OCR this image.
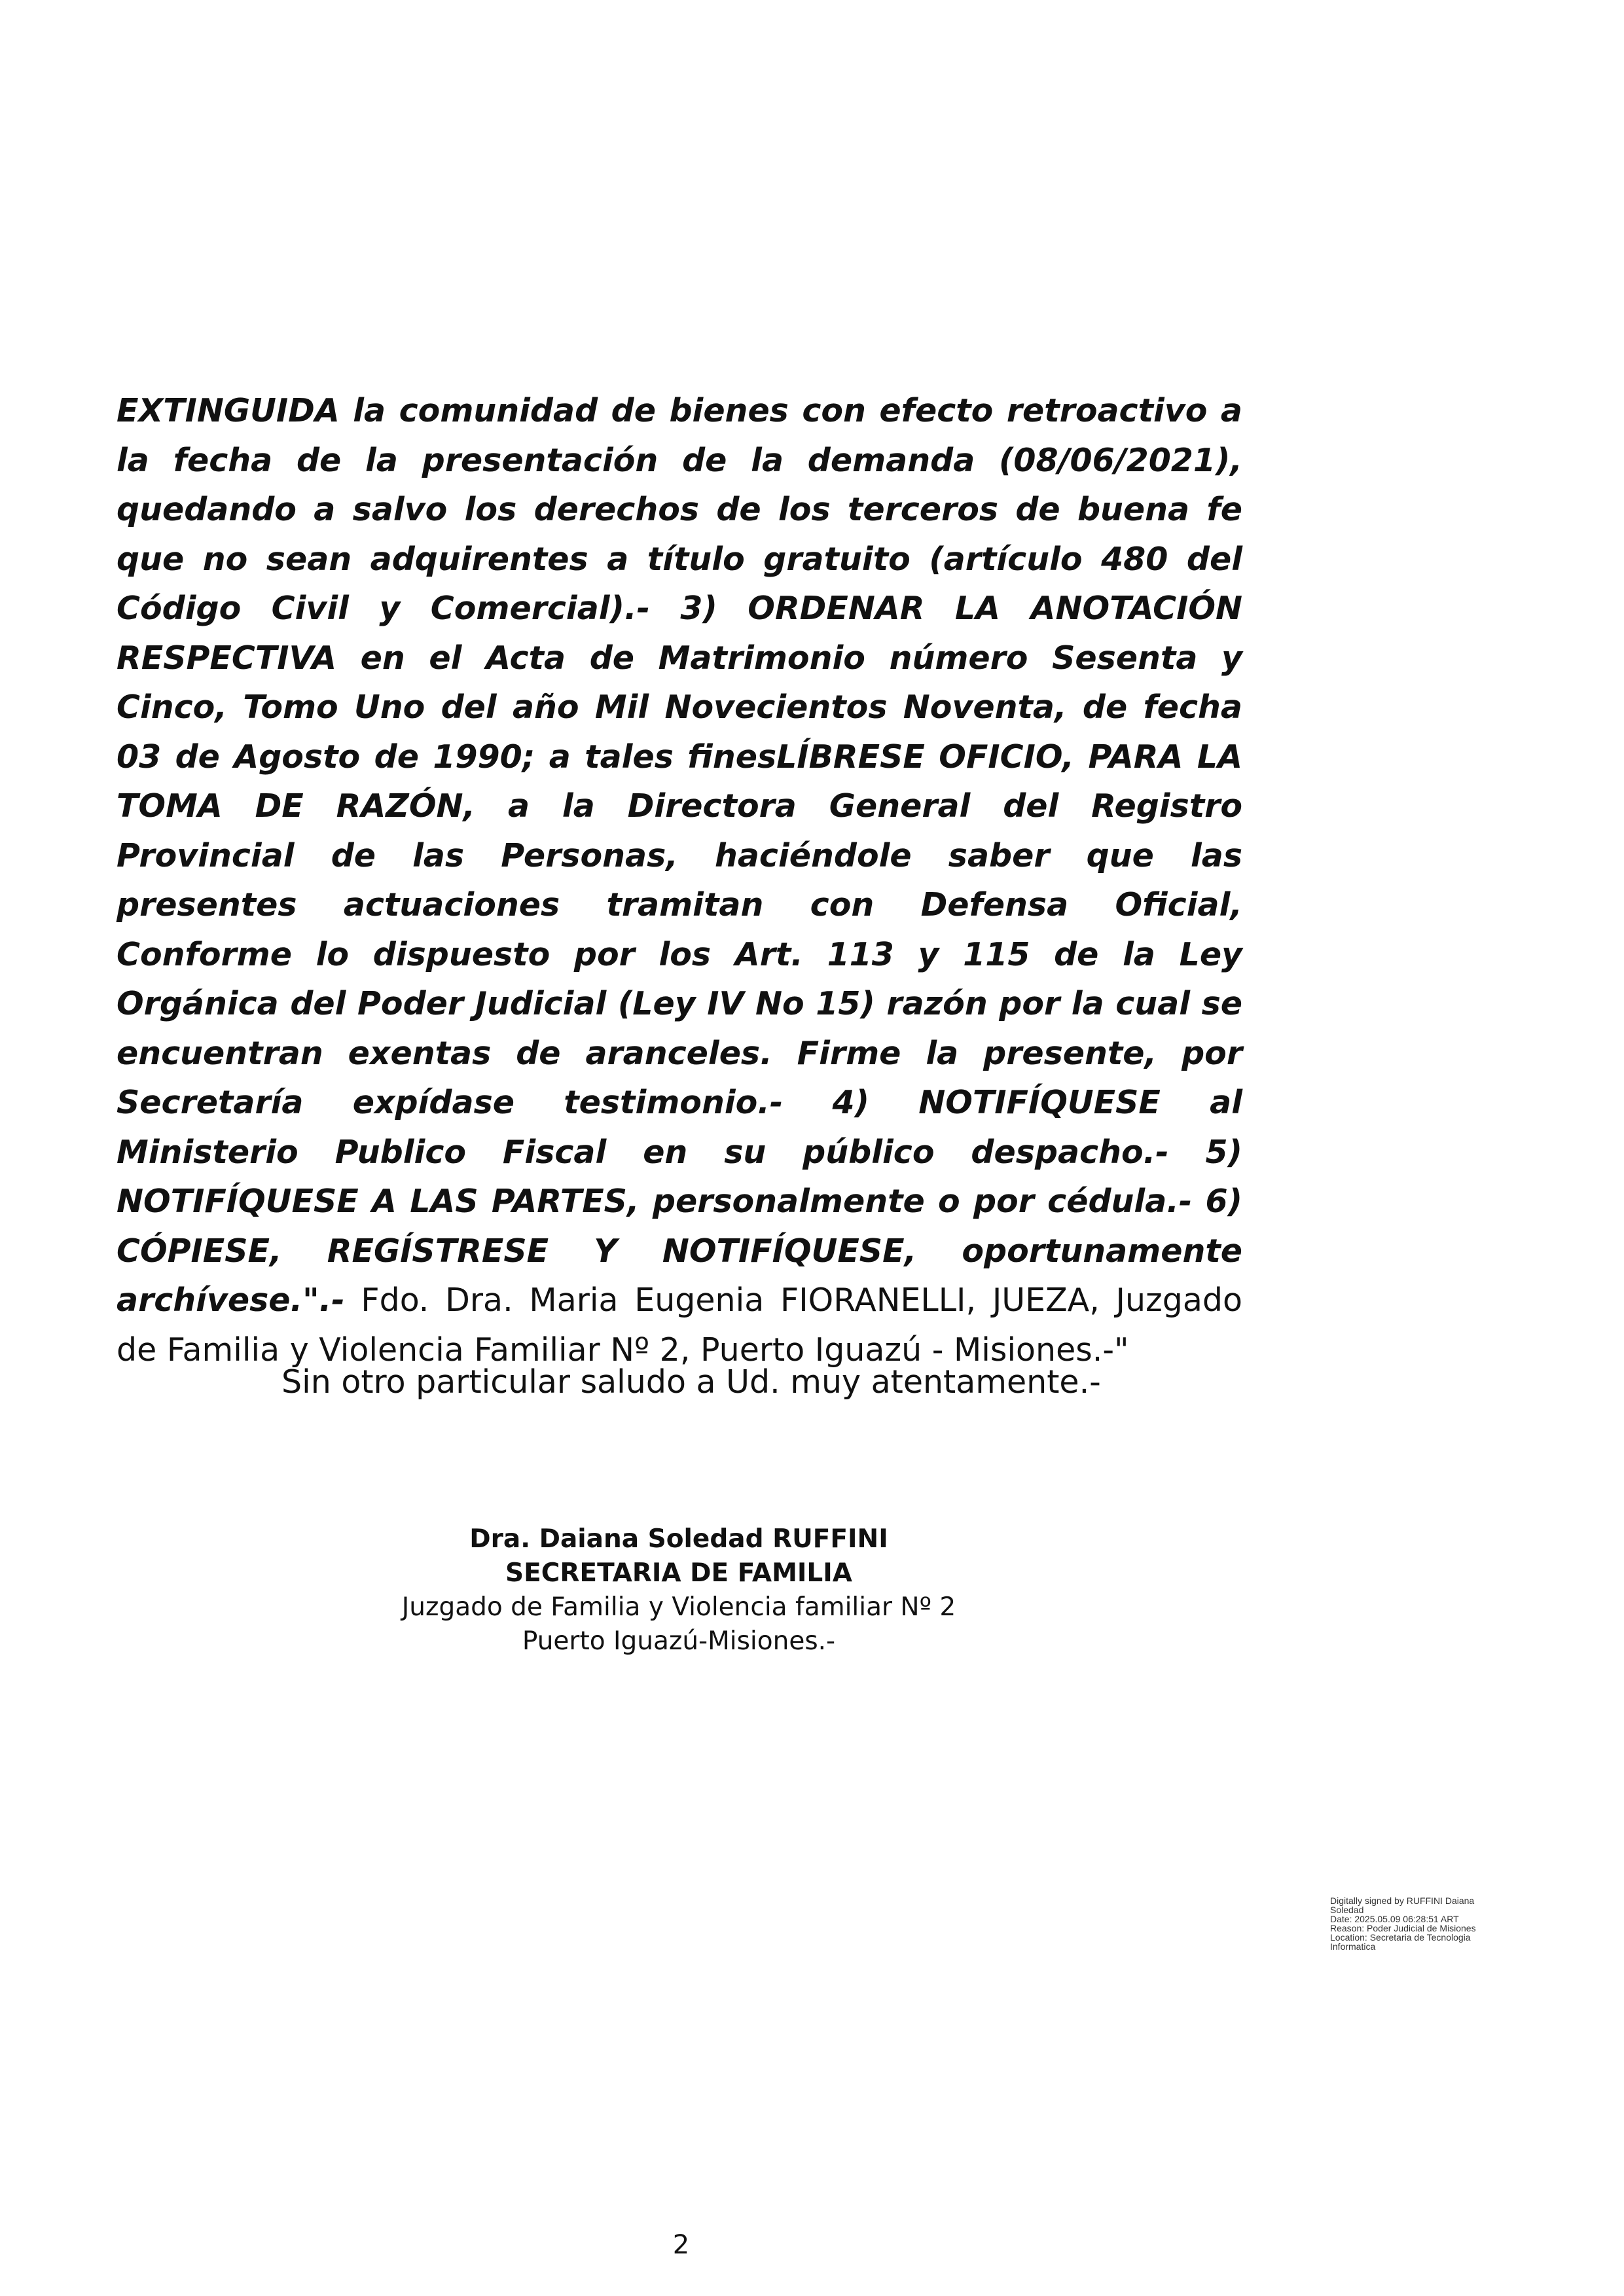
EXTINGUIDA la comunidad de bienes con efecto retroactivo a la fecha de la presentación de la demanda (08/06/2021), quedando a salvo los derechos de los terceros de buena fe que no sean adquirentes a título gratuito (artículo 480 del Código Civil y Comercial).- 3) ORDENAR LA ANOTACIÓN RESPECTIVA en el Acta de Matrimonio número Sesenta y Cinco, Tomo Uno del año Mil Novecientos Noventa, de fecha 03 de Agosto de 1990; a tales finesLÍBRESE OFICIO, PARA LA TOMA DE RAZÓN, a la Directora General del Registro Provincial de las Personas, haciéndole saber que las presentes actuaciones tramitan con Defensa Oficial, Conforme lo dispuesto por los Art. 113 y 115 de la Ley Orgánica del Poder Judicial (Ley IV No 15) razón por la cual se encuentran exentas de aranceles. Firme la presente, por Secretaría expídase testimonio.- 4) NOTIFÍQUESE al Ministerio Publico Fiscal en su público despacho.- 5) NOTIFÍQUESE A LAS PARTES, personalmente o por cédula.- 6) CÓPIESE, REGÍSTRESE Y NOTIFÍQUESE, oportunamente archívese.".- Fdo. Dra. Maria Eugenia FIORANELLI, JUEZA, Juzgado de Familia y Violencia Familiar Nº 2, Puerto Iguazú - Misiones.-"
Sin otro particular saludo a Ud. muy atentamente.-
Dra. Daiana Soledad RUFFINI
SECRETARIA DE FAMILIA
Juzgado de Familia y Violencia familiar Nº 2
Puerto Iguazú-Misiones.-
Digitally signed by RUFFINI Daiana
Soledad
Date: 2025.05.09 06:28:51 ART
Reason: Poder Judicial de Misiones
Location: Secretaria de Tecnologia
Informatica
2
